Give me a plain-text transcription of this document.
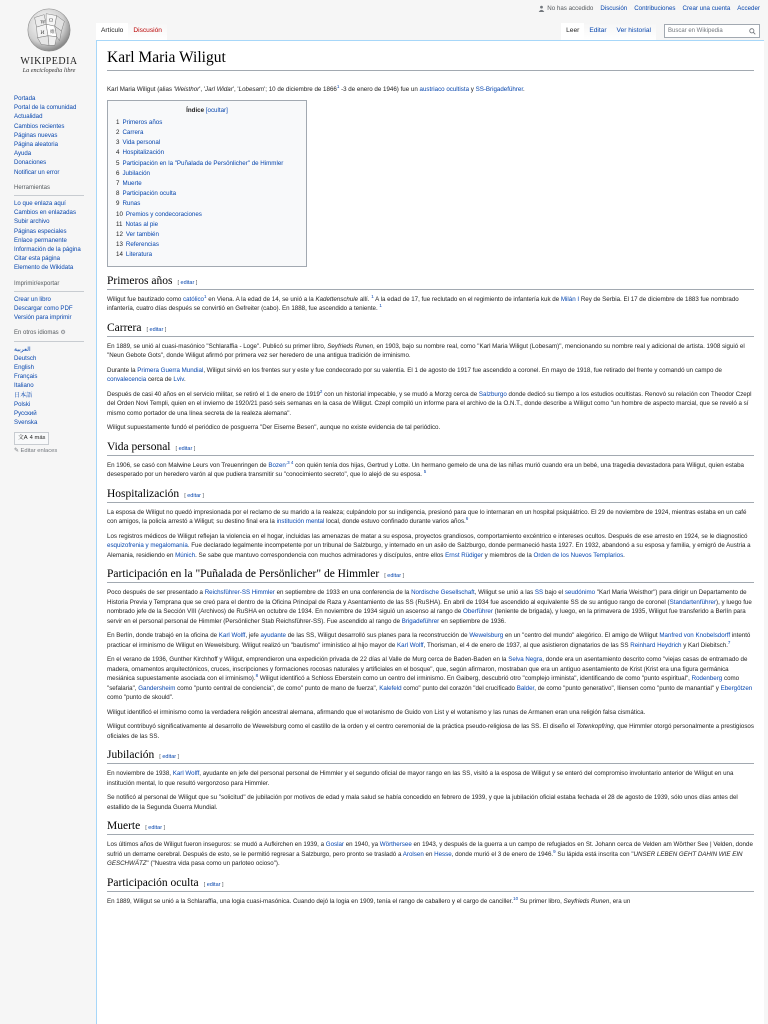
No has accedido Discusión Contribuciones Crear una cuenta Acceder
W Ω
И 維
WIKIPEDIA
La enciclopedia libre
Portada
Portal de la comunidad
Actualidad
Cambios recientes
Páginas nuevas
Página aleatoria
Ayuda
Donaciones
Notificar un error
Herramientas
Lo que enlaza aquí
Cambios en enlazadas
Subir archivo
Páginas especiales
Enlace permanente
Información de la página
Citar esta página
Elemento de Wikidata
Imprimir/exportar
Crear un libro
Descargar como PDF
Versión para imprimir
En otros idiomas ⚙
العربية
Deutsch
English
Français
Italiano
日本語
Polski
Русский
Svenska
文A 4 más
✎ Editar enlaces
Artículo	Discusión	Leer	Editar	Ver historial	Buscar en Wikipedia
Karl Maria Wiligut

Karl Maria Wiligut (alias 'Weisthor', 'Jarl Widar', 'Lobesam'; 10 de diciembre de 1866$^1$ -3 de enero de 1946) fue un austriaco ocultista y SS-Brigadeführer.

Índice [ocultar]
1 Primeros años
2 Carrera
3 Vida personal
4 Hospitalización
5 Participación en la "Puñalada de Persönlicher" de Himmler
6 Jubilación
7 Muerte
8 Participación oculta
9 Runas
10 Premios y condecoraciones
11 Notas al pie
12 Ver también
13 Referencias
14 Literatura
Primeros años [ editar ]

Wiligut fue bautizado como católico$^1$ en Viena. A la edad de 14, se unió a la Kadettenschule allí. $^1$ A la edad de 17, fue reclutado en el regimiento de infantería kuk de Milán I Rey de Serbia. El 17 de diciembre de 1883 fue nombrado infantería, cuatro días después se convirtió en Gefreiter (cabo). En 1888, fue ascendido a teniente. $^1$

Carrera [ editar ]

En 1889, se unió al cuasi-masónico "Schlaraffia - Loge". Publicó su primer libro, Seyfrieds Runen, en 1903, bajo su nombre real, como "Karl Maria Wiligut (Lobesam)", mencionando su nombre real y adicional de artista. 1908 siguió el "Neun Gebote Gots", donde Wiligut afirmó por primera vez ser heredero de una antigua tradición de irminismo.

Durante la Primera Guerra Mundial, Wiligut sirvió en los frentes sur y este y fue condecorado por su valentía. El 1 de agosto de 1917 fue ascendido a coronel. En mayo de 1918, fue retirado del frente y comandó un campo de convalecencia cerca de Lviv.

Después de casi 40 años en el servicio militar, se retiró el 1 de enero de 1919$^2$ con un historial impecable, y se mudó a Morzg cerca de Salzburgo donde dedicó su tiempo a los estudios ocultistas. Renovó su relación con Theodor Czepl del Orden Novi Templi, quien en el invierno de 1920/21 pasó seis semanas en la casa de Wiligut. Czepl compiló un informe para el archivo de la O.N.T., donde describe a Wiligut como "un hombre de aspecto marcial, que se reveló a sí mismo como portador de una línea secreta de la realeza alemana".

Wiligut supuestamente fundó el periódico de posguerra "Der Eiserne Besen", aunque no existe evidencia de tal periódico.

Vida personal [ editar ]

En 1906, se casó con Malwine Leurs von Treuenringen de Bozen$^{,3 4}$ con quién tenía dos hijas, Gertrud y Lotte. Un hermano gemelo de una de las niñas murió cuando era un bebé, una tragedia devastadora para Wiligut, quien estaba desesperado por un heredero varón al que pudiera transmitir su "conocimiento secreto", que lo alejó de su esposa. $^5$

Hospitalización [ editar ]

La esposa de Wiligut no quedó impresionada por el reclamo de su marido a la realeza; culpándolo por su indigencia, presionó para que lo internaran en un hospital psiquiátrico. El 29 de noviembre de 1924, mientras estaba en un café con amigos, la policía arrestó a Wiligut; su destino final era la institución mental local, donde estuvo confinado durante varios años.$^6$

Los registros médicos de Wiligut reflejan la violencia en el hogar, incluidas las amenazas de matar a su esposa, proyectos grandiosos, comportamiento excéntrico e intereses ocultos. Después de ese arresto en 1924, se le diagnosticó esquizofrenia y megalomanía. Fue declarado legalmente incompetente por un tribunal de Salzburgo, y internado en un asilo de Salzburgo, donde permaneció hasta 1927. En 1932, abandonó a su esposa y familia, y emigró de Austria a Alemania, residiendo en Múnich. Se sabe que mantuvo correspondencia con muchos admiradores y discípulos, entre ellos Ernst Rüdiger y miembros de la Orden de los Nuevos Templarios.

Participación en la "Puñalada de Persönlicher" de Himmler [ editar ]

Poco después de ser presentado a Reichsführer-SS Himmler en septiembre de 1933 en una conferencia de la Nordische Gesellschaft, Wiligut se unió a las SS bajo el seudónimo "Karl Maria Weisthor") para dirigir un Departamento de Historia Previa y Temprana que se creó para el dentro de la Oficina Principal de Raza y Asentamiento de las SS (RuSHA). En abril de 1934 fue ascendido al equivalente SS de su antiguo rango de coronel (Standartenführer), y luego fue nombrado jefe de la Sección VIII (Archivos) de RuSHA en octubre de 1934. En noviembre de 1934 siguió un ascenso al rango de Oberführer (teniente de brigada), y luego, en la primavera de 1935, Wiligut fue transferido a Berlín para servir en el personal personal de Himmler (Persönlicher Stab Reichsführer-SS). Fue ascendido al rango de Brigadeführer en septiembre de 1936.

En Berlín, donde trabajó en la oficina de Karl Wolff, jefe ayudante de las SS, Wiligut desarrolló sus planes para la reconstrucción de Wewelsburg en un "centro del mundo" alegórico. El amigo de Wiligut Manfred von Knobelsdorff intentó practicar el irminismo de Wiligut en Wewelsburg. Wiligut realizó un "bautismo" irminístico al hijo mayor de Karl Wolff, Thorisman, el 4 de enero de 1937, al que asistieron dignatarios de las SS Reinhard Heydrich y Karl Diebitsch.$^7$

En el verano de 1936, Gunther Kirchhoff y Wiligut, emprendieron una expedición privada de 22 días al Valle de Murg cerca de Baden-Baden en la Selva Negra, donde era un asentamiento descrito como "viejas casas de entramado de madera, ornamentos arquitectónicos, cruces, inscripciones y formaciones rocosas naturales y artificiales en el bosque", que, según afirmaron, mostraban que era un antiguo asentamiento de Krist (Krist era una figura germánica mesiánica supuestamente asociada con el irminismo).$^8$ Wiligut identificó a Schloss Eberstein como un centro del irminismo. En Gaiberg, descubrió otro "complejo irminista", identificando de como "punto espiritual", Rodenberg como "sefalaria", Gandersheim como "punto central de conciencia", de como" punto de mano de fuerza", Kalefeld como" punto del corazón "del crucificado Balder, de como "punto generativo", Iliensen como "punto de manantial" y Ebergötzen como "punto de skould".

Wiligut identificó el irminismo como la verdadera religión ancestral alemana, afirmando que el wotanismo de Guido von List y el wotanismo y las runas de Armanen eran una religión falsa cismática.

Wiligut contribuyó significativamente al desarrollo de Wewelsburg como el castillo de la orden y el centro ceremonial de la práctica pseudo-religiosa de las SS. El diseño el Totenkopfring, que Himmler otorgó personalmente a prestigiosos oficiales de las SS.

Jubilación [ editar ]

En noviembre de 1938, Karl Wolff, ayudante en jefe del personal personal de Himmler y el segundo oficial de mayor rango en las SS, visitó a la esposa de Wiligut y se enteró del compromiso involuntario anterior de Wiligut en una institución mental, lo que resultó vergonzoso para Himmler.

Se notificó al personal de Wiligut que su "solicitud" de jubilación por motivos de edad y mala salud se había concedido en febrero de 1939, y que la jubilación oficial estaba fechada el 28 de agosto de 1939, sólo unos días antes del estallido de la Segunda Guerra Mundial.

Muerte [ editar ]

Los últimos años de Wiligut fueron inseguros: se mudó a Aufkirchen en 1939, a Goslar en 1940, ya Wörthersee en 1943, y después de la guerra a un campo de refugiados en St. Johann cerca de Velden am Wörther See | Velden, donde sufrió un derrame cerebral. Después de esto, se le permitió regresar a Salzburgo, pero pronto se trasladó a Arolsen en Hesse, donde murió el 3 de enero de 1946.$^9$ Su lápida está inscrita con "UNSER LEBEN GEHT DAHIN WIE EIN GESCHWÄTZ" ("Nuestra vida pasa como un parloteo ocioso").

Participación oculta [ editar ]

En 1889, Wiligut se unió a la Schlaraffia, una logia cuasi-masónica. Cuando dejó la logia en 1909, tenía el rango de caballero y el cargo de canciller.$^{10}$ Su primer libro, Seyfrieds Runen, era un
